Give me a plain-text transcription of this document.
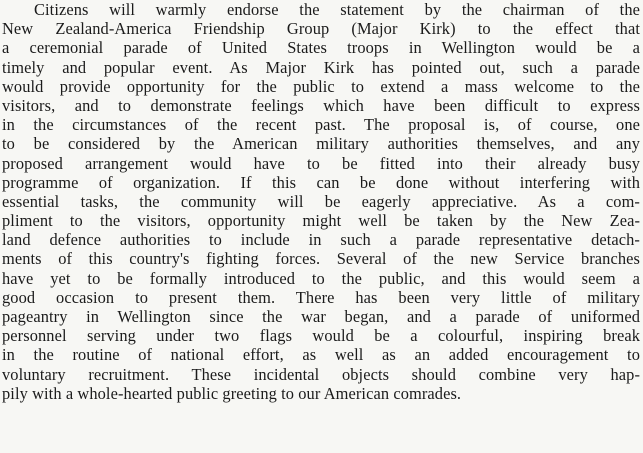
Citizens will warmly endorse the statement by the chairman of the
New Zealand-America Friendship Group (Major Kirk) to the effect that
a ceremonial parade of United States troops in Wellington would be a
timely and popular event. As Major Kirk has pointed out, such a parade
would provide opportunity for the public to extend a mass welcome to the
visitors, and to demonstrate feelings which have been difficult to express
in the circumstances of the recent past. The proposal is, of course, one
to be considered by the American military authorities themselves, and any
proposed arrangement would have to be fitted into their already busy
programme of organization. If this can be done without interfering with
essential tasks, the community will be eagerly appreciative. As a com-
pliment to the visitors, opportunity might well be taken by the New Zea-
land defence authorities to include in such a parade representative detach-
ments of this country's fighting forces. Several of the new Service branches
have yet to be formally introduced to the public, and this would seem a
good occasion to present them. There has been very little of military
pageantry in Wellington since the war began, and a parade of uniformed
personnel serving under two flags would be a colourful, inspiring break
in the routine of national effort, as well as an added encouragement to
voluntary recruitment. These incidental objects should combine very hap-
pily with a whole-hearted public greeting to our American comrades.
